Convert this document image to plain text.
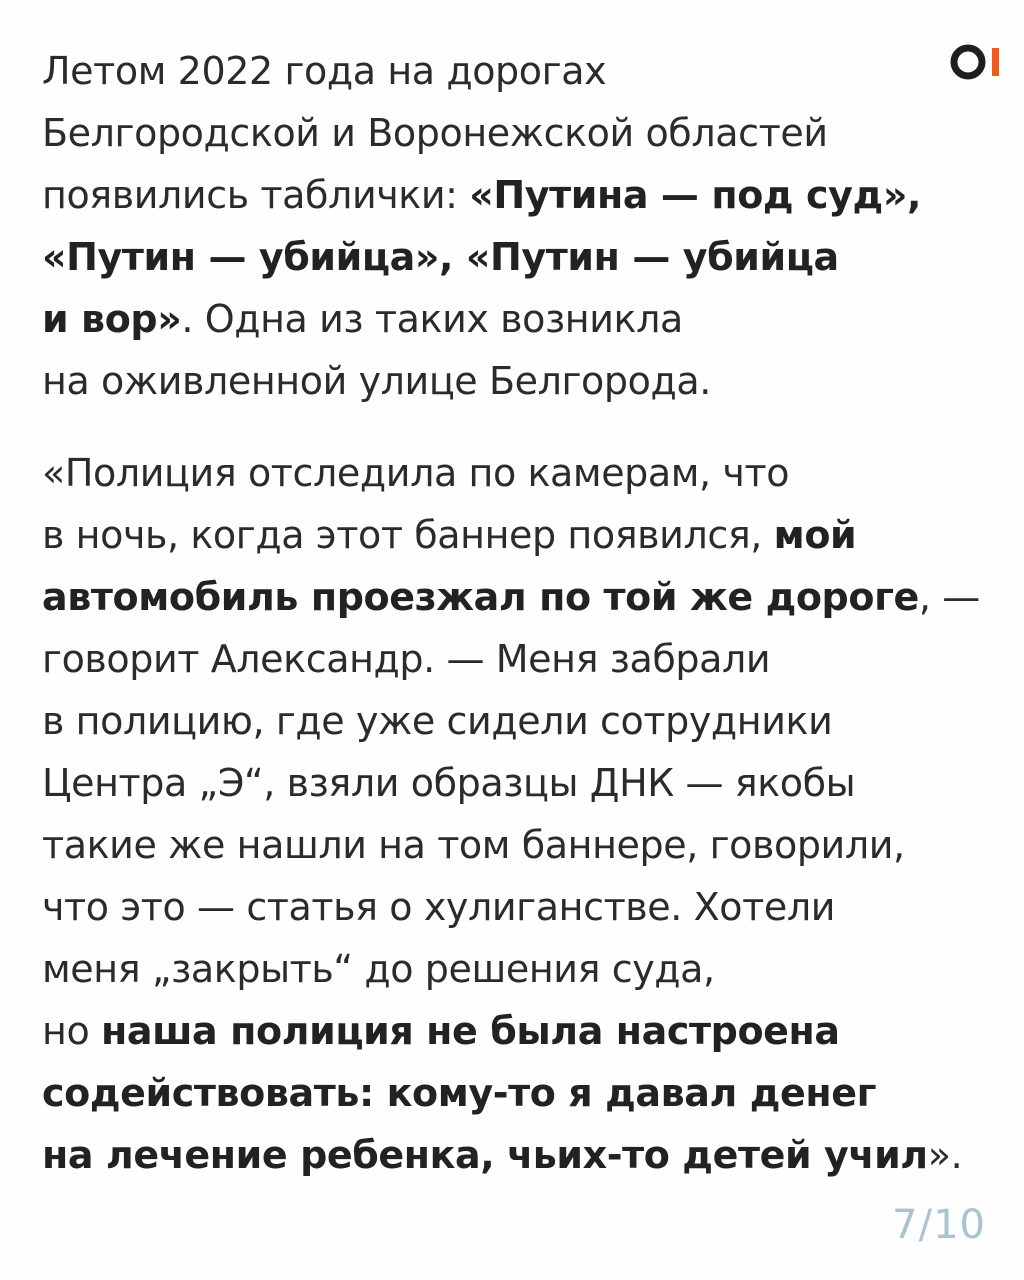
Летом 2022 года на дорогах
Белгородской и Воронежской областей
появились таблички: «Путина — под суд»,
«Путин — убийца», «Путин — убийца
и вор». Одна из таких возникла
на оживленной улице Белгорода.
«Полиция отследила по камерам, что
в ночь, когда этот баннер появился, мой
автомобиль проезжал по той же дороге, —
говорит Александр. — Меня забрали
в полицию, где уже сидели сотрудники
Центра „Э“, взяли образцы ДНК — якобы
такие же нашли на том баннере, говорили,
что это — статья о хулиганстве. Хотели
меня „закрыть“ до решения суда,
но наша полиция не была настроена
содействовать: кому-то я давал денег
на лечение ребенка, чьих-то детей учил».
7/10
